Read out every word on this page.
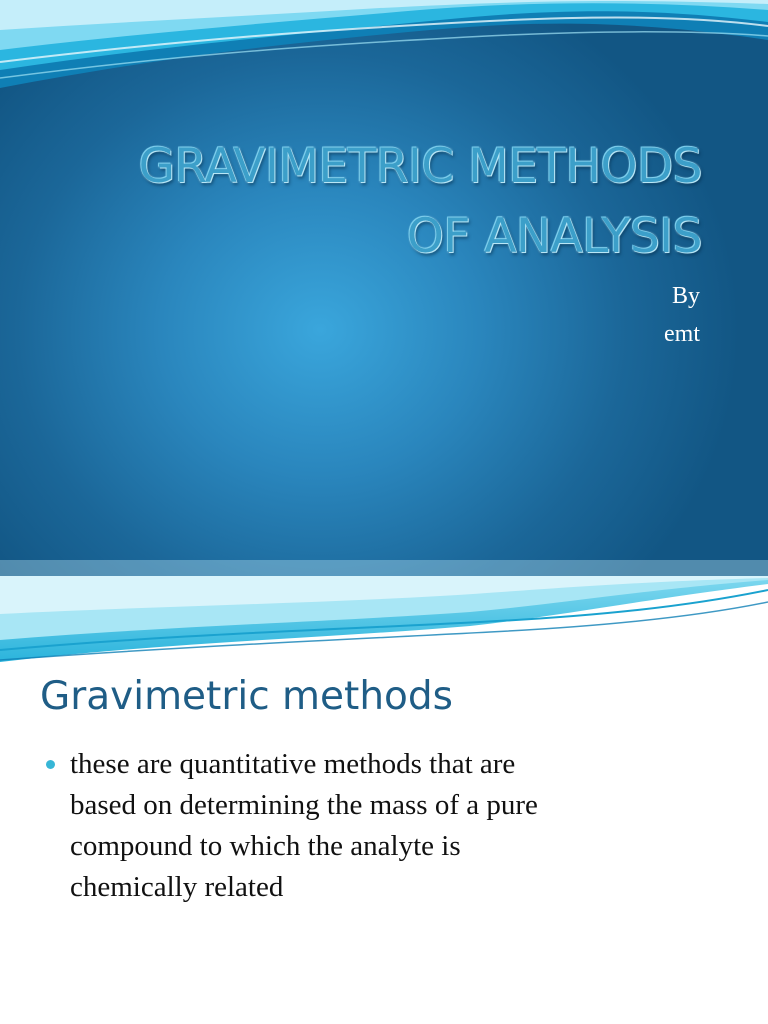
GRAVIMETRIC METHODS
OF ANALYSIS
By
emt
Gravimetric methods
these are quantitative methods that are
based on determining the mass of a pure
compound to which the analyte is
chemically related
